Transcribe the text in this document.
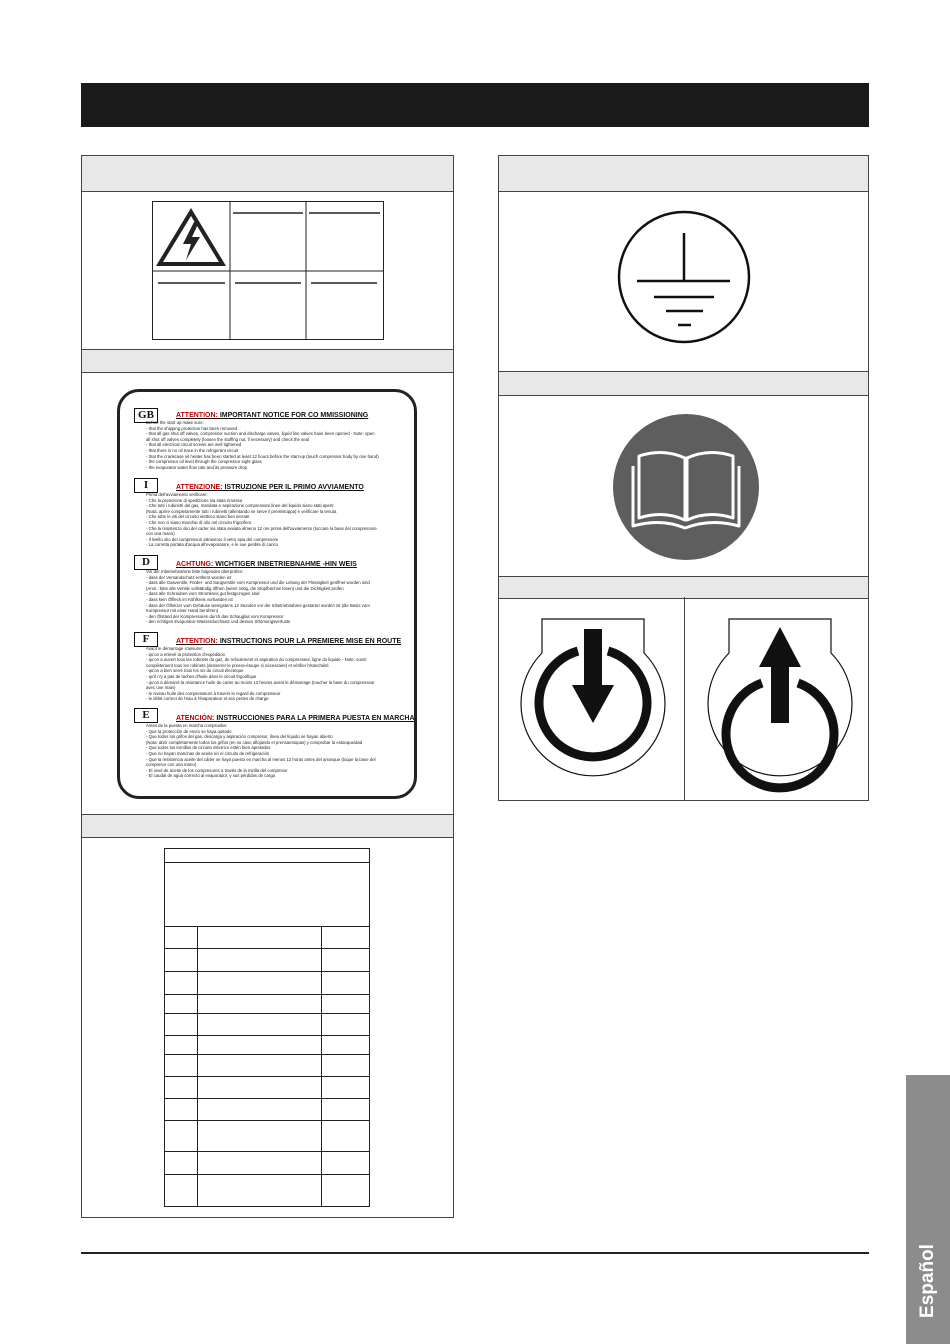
GB	ATTENTION: IMPORTANT NOTICE FOR CO MMISSIONING
Before the start up make sure:
- that the shipping protection has been removed
- that all gas shut off valves, compressor suction and discharge valves, liquid line valves have been opened - Note: open
all shut off valves completely (loosen the stuffing nut, if necessary) and check the seal
- that all electrical circuit screws are well tightened
- that there is no oil trace in the refrigerant circuit
- that the crankcase oil heater has been started at least 12 hours before the start-up (touch compressor body by one hand)
- the compressor oil level through the compressor sight glass
- the evaporator water flow rate and its pressure drop
I	ATTENZIONE: ISTRUZIONE PER IL PRIMO AVVIAMENTO
Prima dell'avviamento verificare:
- Che la protezione di spedizione sia stata rimossa
- Che tutti i rubinetti del gas, mandata e aspirazione compressore,linee del liquido siano stati aperti
(Nota: aprire completamente tutti i rubinetti (allentando se serve il premistoppa) e verificare la tenuta
- Che tutte le viti del circuito elettrico siano ben serrate
- Che non ci siano macchie di olio nel circuito frigorifero
- Che la resistenza olio del carter sia stata avviata almeno 12 ore prima dell'avviamento (toccare la base del compressore
con una mano)
- Il livello olio del compressori attraverso il vetro spia del compressore
- La corretta portata d'acqua all'evaporatore, e le sue perdite di carico
D	ACHTUNG: WICHTIGER INBETRIEBNAHME -HIN WEIS
Vor der Inbetriebnahme bitte folgendes überprüfen:
- dass der Versandschutz entfernt worden ist
- dass alle Gasventile, Förder- und Saugventile vom Kompressor und die Leitung der Flüssigkeit geöffnet worden sind
(Anm.: bitte alle Ventile vollständig öffnen (wenn nötig, die Stopfbüchse lösen) und die Dichtigkeit prüfen
- dass alle Schrauben vom Stromkreis gut festgezogen sind
- dass kein Ölfleck im Kühlkreis vorhanden ist
- dass der Ölheizer vom Gehäuse wenigstens 12 Stunden vor der Inbetriebnahme gestartet worden ist (die Basis vom
Kompressor mit einer Hand berühren)
- den Ölstand der Kompressoren durch das Schauglas vom Kompressor
- den richtigen Evaporator-Wasserdurchsatz und dessen Strömungsverluste
F	ATTENTION: INSTRUCTIONS POUR LA PREMIERE MISE EN ROUTE
Avant le démarrage s'assurer:
- qu'on a enlevé la protection d'expédition
- qu'on a ouvert tous les robinets du gaz, de refoulement et aspiration du compresseur, ligne du liquide - Note: ouvrir
complètement tous les robinets (desserrer le presse-étoupe si nécessaire) et vérifier l'étanchéité
- qu'on a bien serré tous les vis du circuit électrique
- qu'il n'y a pas de taches d'huile dans le circuit frigorifique
- qu'on a démarré la résistance huile du carter au moins 12 heures avant le démarrage (toucher la base du compresseur
avec une main)
- le niveau huile des compresseurs à travers le regard du compresseur
- le débit correct de l'eau à l'évaporateur et ses pertes de charge
E	ATENCIÓN: INSTRUCCIONES PARA LA PRIMERA PUESTA EN MARCHA
Antes de la puesta en marcha comprueba:
- Que la protección de envío se haya quitado
- Que todos los grifos del gas, descarga y aspiración compresor, línea del líquido se hayan abierto
(Nota: abrir completamente todos los grifos (en su caso aflojando el prensaestopas) y comprobar la estanqueidad
- Que todos los tornillos de circuito eléctrico estén bien apretados
- Que no hayan manchas de aceite en el circuito de refrigeración
- Que la resistencia aceite del cárter se haya puesto en marcha al menos 12 horas antes del arranque (toque la base del
compresor con una mano)
- El nivel de aceite de los compresores a través de la mirilla del compresor
- El caudal de agua correcto al evaporador, y sus pérdidas de carga
Español
